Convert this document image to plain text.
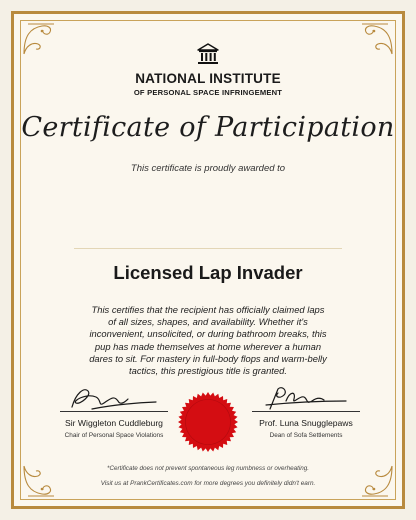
NATIONAL INSTITUTE
OF PERSONAL SPACE INFRINGEMENT
Certificate of Participation
This certificate is proudly awarded to
Licensed Lap Invader
This certifies that the recipient has officially claimed laps of all sizes, shapes, and availability. Whether it's inconvenient, unsolicited, or during bathroom breaks, this pup has made themselves at home wherever a human dares to sit. For mastery in full-body flops and warm-belly tactics, this prestigious title is granted.
Sir Wiggleton Cuddleburg
Chair of Personal Space Violations
Prof. Luna Snugglepaws
Dean of Sofa Settlements
*Certificate does not prevent spontaneous leg numbness or overheating.
Visit us at PrankCertificates.com for more degrees you definitely didn't earn.
